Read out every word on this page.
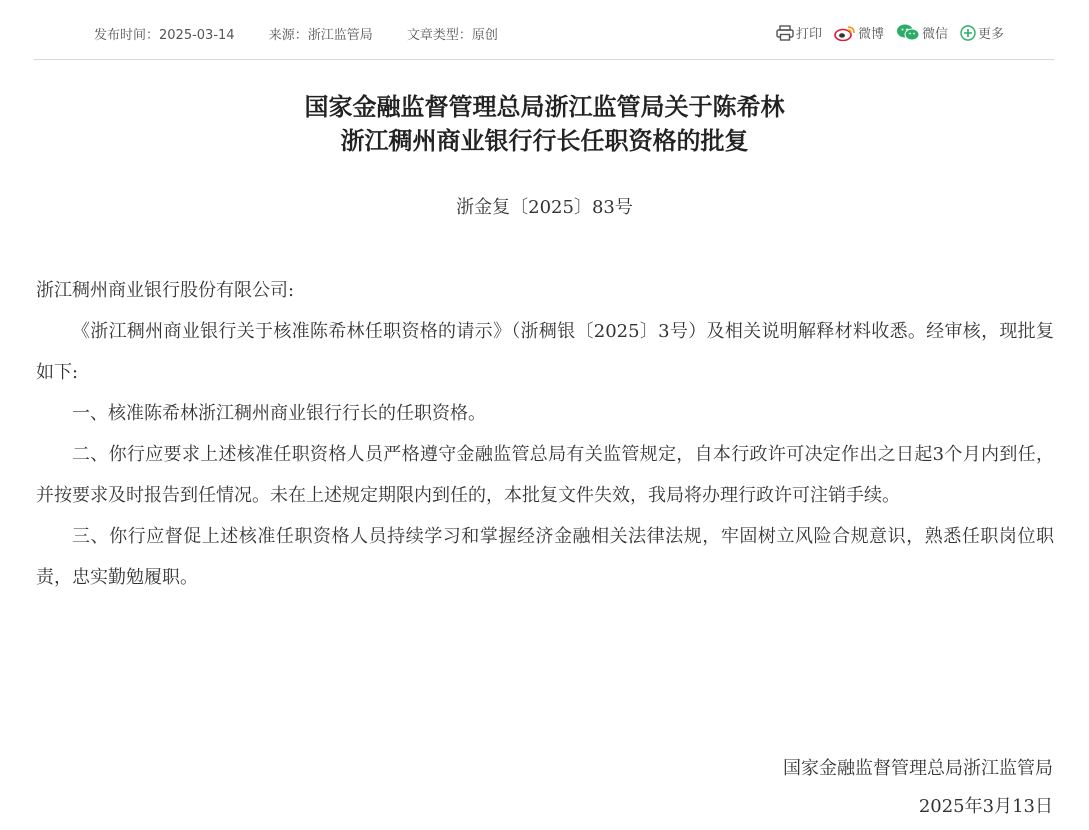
发布时间：2025-03-14	来源：浙江监管局	文章类型：原创	打印	微博	微信 更多
国家金融监督管理总局浙江监管局关于陈希林
浙江稠州商业银行行长任职资格的批复
浙金复〔2025〕83号

浙江稠州商业银行股份有限公司:

《浙江稠州商业银行关于核准陈希林任职资格的请示》（浙稠银〔2025〕3号）及相关说明解释材料收悉。经审核，现批复如下:

一、核准陈希林浙江稠州商业银行行长的任职资格。

二、你行应要求上述核准任职资格人员严格遵守金融监管总局有关监管规定，自本行政许可决定作出之日起3个月内到任，并按要求及时报告到任情况。未在上述规定期限内到任的，本批复文件失效，我局将办理行政许可注销手续。

三、你行应督促上述核准任职资格人员持续学习和掌握经济金融相关法律法规，牢固树立风险合规意识，熟悉任职岗位职责，忠实勤勉履职。

国家金融监督管理总局浙江监管局
2025年3月13日
